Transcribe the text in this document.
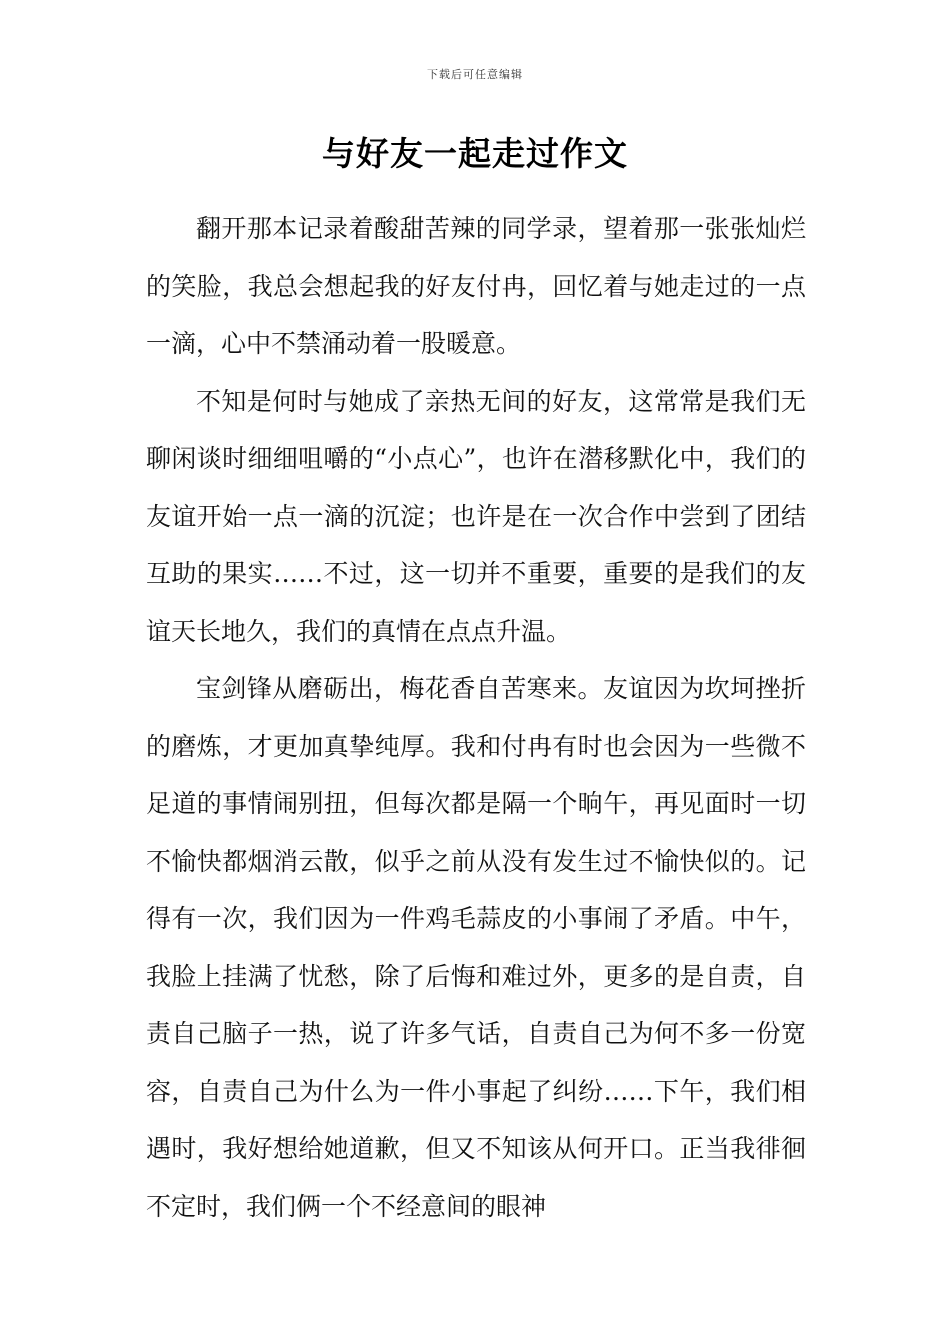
下载后可任意编辑
与好友一起走过作文

翻开那本记录着酸甜苦辣的同学录，望着那一张张灿烂的笑脸，我总会想起我的好友付冉，回忆着与她走过的一点一滴，心中不禁涌动着一股暖意。

不知是何时与她成了亲热无间的好友，这常常是我们无聊闲谈时细细咀嚼的“小点心”，也许在潜移默化中，我们的友谊开始一点一滴的沉淀；也许是在一次合作中尝到了团结互助的果实……不过，这一切并不重要，重要的是我们的友谊天长地久，我们的真情在点点升温。

宝剑锋从磨砺出，梅花香自苦寒来。友谊因为坎坷挫折的磨炼，才更加真挚纯厚。我和付冉有时也会因为一些微不足道的事情闹别扭，但每次都是隔一个晌午，再见面时一切不愉快都烟消云散，似乎之前从没有发生过不愉快似的。记得有一次，我们因为一件鸡毛蒜皮的小事闹了矛盾。中午，我脸上挂满了忧愁，除了后悔和难过外，更多的是自责，自责自己脑子一热，说了许多气话，自责自己为何不多一份宽容，自责自己为什么为一件小事起了纠纷……下午，我们相遇时，我好想给她道歉，但又不知该从何开口。正当我徘徊不定时，我们俩一个不经意间的眼神
